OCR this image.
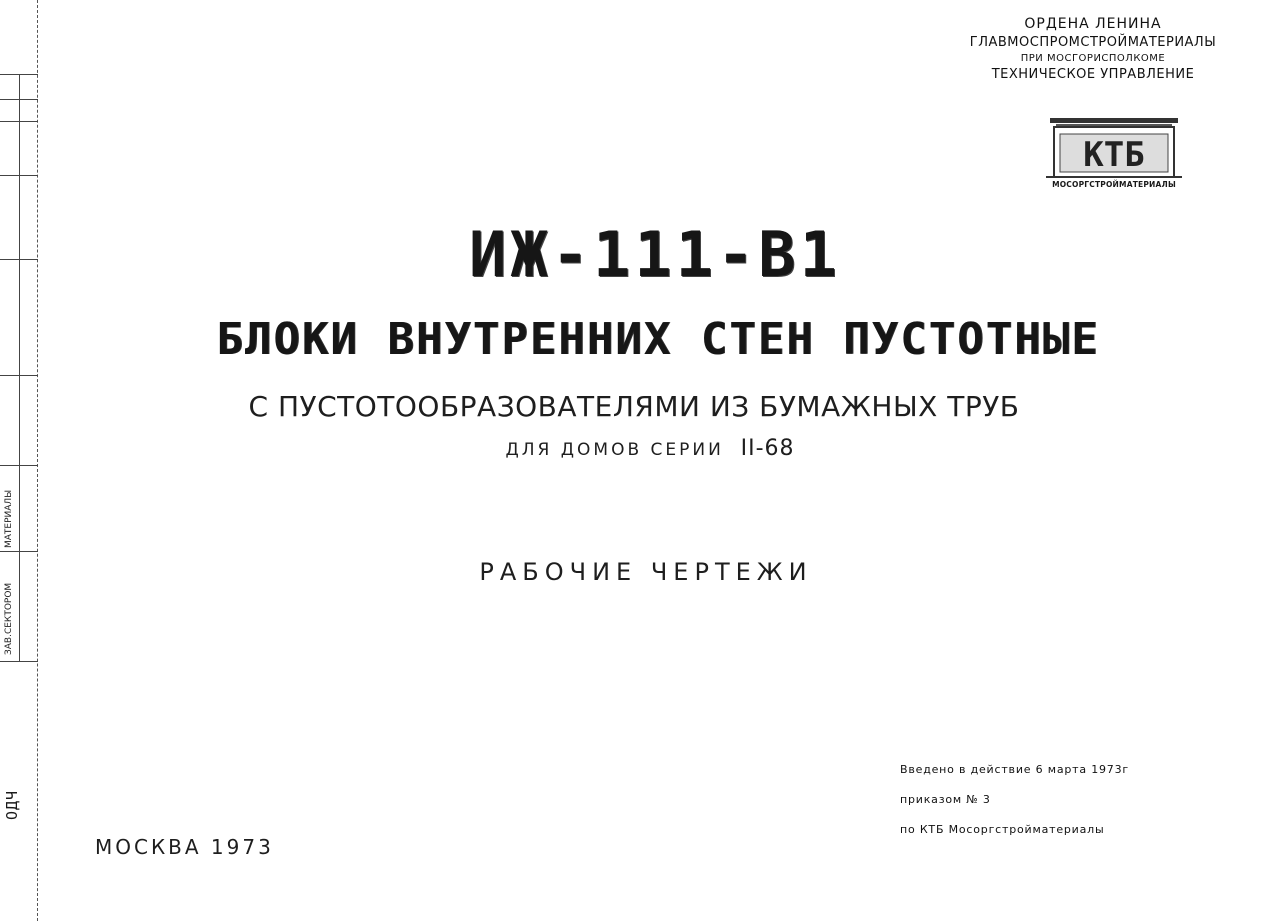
ЗАВ.СЕКТОРОМ
МАТЕРИАЛЫ
ОДЧ
ОРДЕНА ЛЕНИНА
ГЛАВМОСПРОМСТРОЙМАТЕРИАЛЫ
ПРИ МОСГОРИСПОЛКОМЕ
ТЕХНИЧЕСКОЕ УПРАВЛЕНИЕ
КТБ
МОСОРГСТРОЙМАТЕРИАЛЫ
ИЖ-111-В1
БЛОКИ ВНУТРЕННИХ СТЕН ПУСТОТНЫЕ
С ПУСТОТООБРАЗОВАТЕЛЯМИ ИЗ БУМАЖНЫХ ТРУБ
ДЛЯ ДОМОВ СЕРИИ II-68
РАБОЧИЕ ЧЕРТЕЖИ
МОСКВА 1973
Введено в действие 6 марта 1973г
приказом № 3
по КТБ Мосоргстройматериалы
